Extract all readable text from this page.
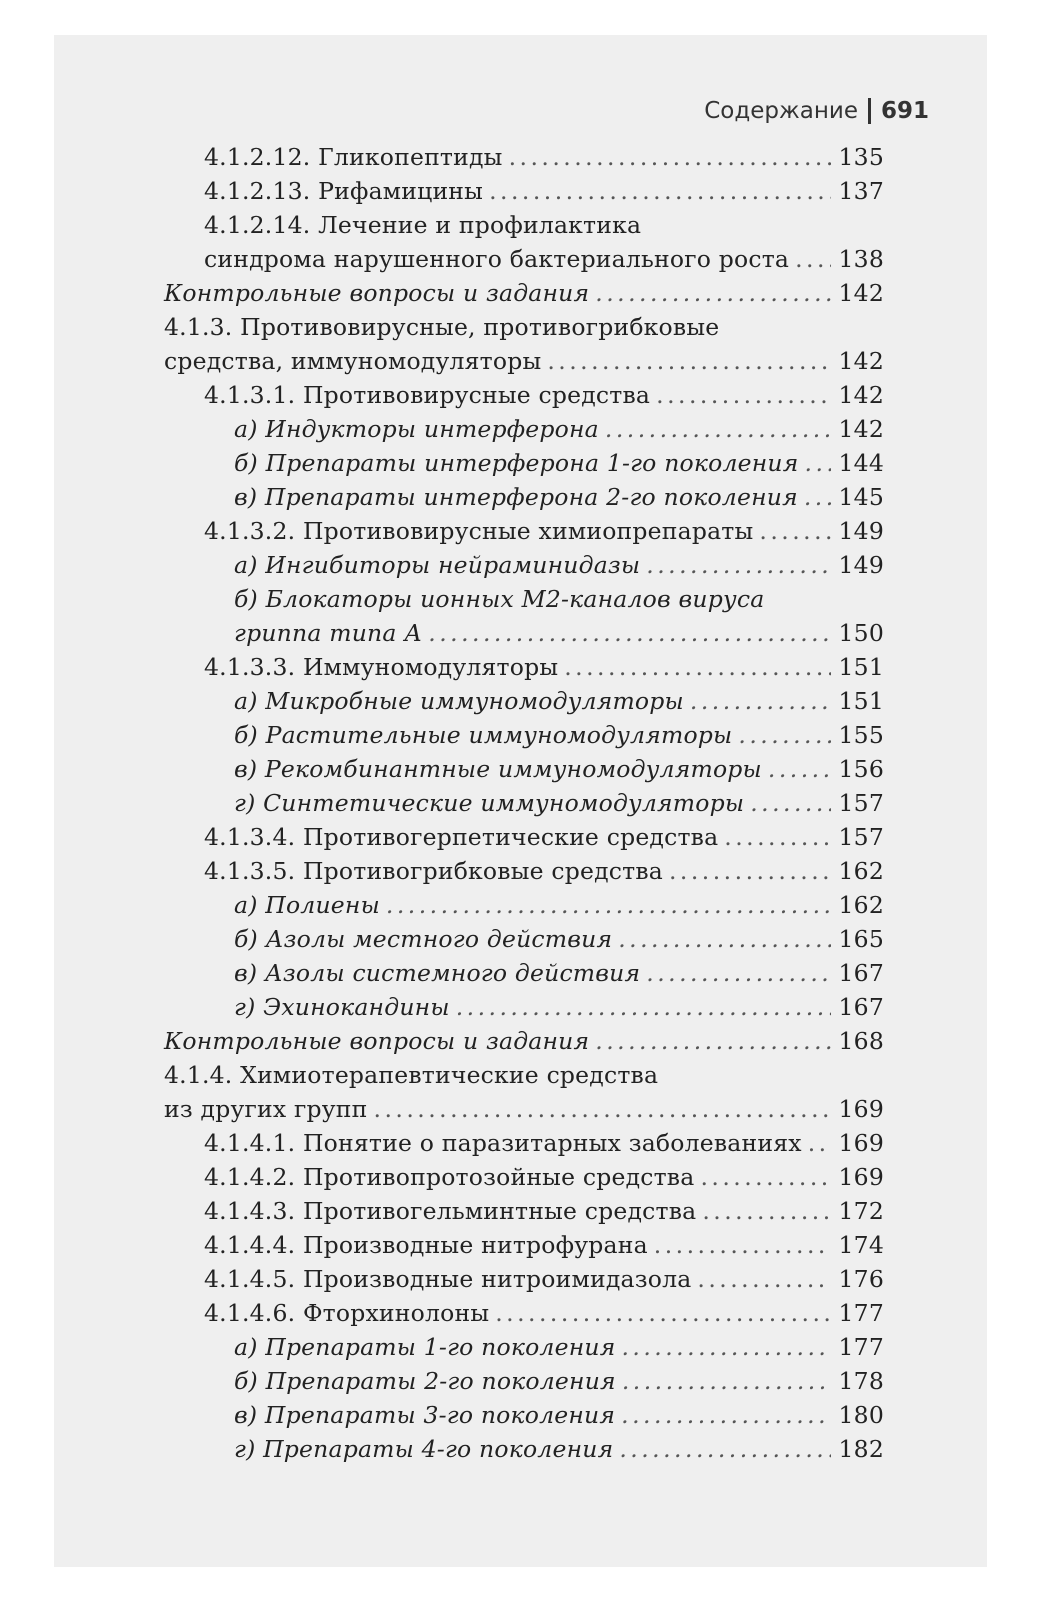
Содержание 691
4.1.2.12. Гликопептиды . . .	135
4.1.2.13. Рифамицины . . .	137
4.1.2.14. Лечение и профилактика
синдрома нарушенного бактериального роста . . . 138
Контрольные вопросы и задания . . .	142
4.1.3. Противовирусные, противогрибковые
средства, иммуномодуляторы . . .	142
4.1.3.1. Противовирусные средства . . .	142
а) Индукторы интерферона . . .	142
б) Препараты интерферона 1-го поколения . . . 144
в) Препараты интерферона 2-го поколения . . . 145
4.1.3.2. Противовирусные химиопрепараты . . .	149
а) Ингибиторы нейраминидазы . . .	149
б) Блокаторы ионных М2-каналов вируса
гриппа типа А . . .	150
4.1.3.3. Иммуномодуляторы . . .	151
а) Микробные иммуномодуляторы . . .	151
б) Растительные иммуномодуляторы . . .	155
в) Рекомбинантные иммуномодуляторы . . .	156
г) Синтетические иммуномодуляторы . . .	157
4.1.3.4. Противогерпетические средства . . .	157
4.1.3.5. Противогрибковые средства . . .	162
а) Полиены . . .	162
б) Азолы местного действия . . .	165
в) Азолы системного действия . . .	167
г) Эхинокандины . . .	167
Контрольные вопросы и задания . . .	168
4.1.4. Химиотерапевтические средства
из других групп . . .	169
4.1.4.1. Понятие о паразитарных заболеваниях . . . 169
4.1.4.2. Противопротозойные средства . . .	169
4.1.4.3. Противогельминтные средства . . .	172
4.1.4.4. Производные нитрофурана . . .	174
4.1.4.5. Производные нитроимидазола . . .	176
4.1.4.6. Фторхинолоны . . .	177
а) Препараты 1-го поколения . . .	177
б) Препараты 2-го поколения . . .	178
в) Препараты 3-го поколения . . .	180
г) Препараты 4-го поколения . . .	182
